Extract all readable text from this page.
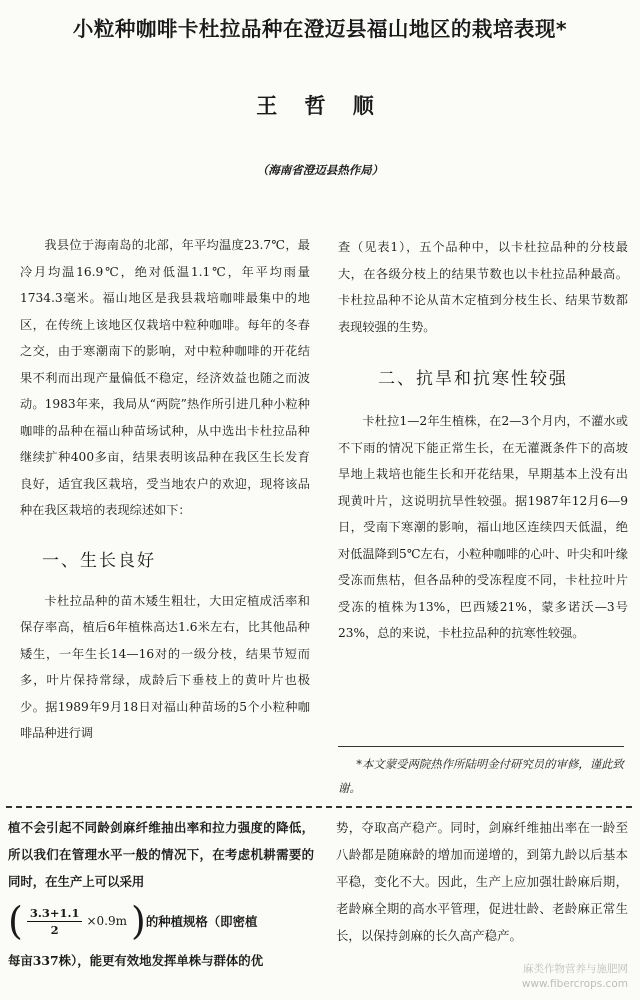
小粒种咖啡卡杜拉品种在澄迈县福山地区的栽培表现*
王 哲 顺
（海南省澄迈县热作局）

我县位于海南岛的北部，年平均温度23.7℃，最冷月均温16.9℃，绝对低温1.1℃，年平均雨量1734.3毫米。福山地区是我县栽培咖啡最集中的地区，在传统上该地区仅栽培中粒种咖啡。每年的冬春之交，由于寒潮南下的影响，对中粒种咖啡的开花结果不利而出现产量偏低不稳定，经济效益也随之而波动。1983年来，我局从“两院”热作所引进几种小粒种咖啡的品种在福山种苗场试种，从中选出卡杜拉品种继续扩种400多亩，结果表明该品种在我区生长发育良好，适宜我区栽培，受当地农户的欢迎，现将该品种在我区栽培的表现综述如下：

一、生长良好

卡杜拉品种的苗木矮生粗壮，大田定植成活率和保存率高，植后6年植株高达1.6米左右，比其他品种矮生，一年生长14—16对的一级分枝，结果节短而多，叶片保持常绿，成龄后下垂枝上的黄叶片也极少。据1989年9月18日对福山种苗场的5个小粒种咖啡品种进行调

查（见表1），五个品种中，以卡杜拉品种的分枝最大，在各级分枝上的结果节数也以卡杜拉品种最高。卡杜拉品种不论从苗木定植到分枝生长、结果节数都表现较强的生势。

二、抗旱和抗寒性较强

卡杜拉1—2年生植株，在2—3个月内，不灌水或不下雨的情况下能正常生长，在无灌溉条件下的高坡旱地上栽培也能生长和开花结果，早期基本上没有出现黄叶片，这说明抗旱性较强。据1987年12月6—9日，受南下寒潮的影响，福山地区连续四天低温，绝对低温降到5℃左右，小粒种咖啡的心叶、叶尖和叶缘受冻而焦枯，但各品种的受冻程度不同，卡杜拉叶片受冻的植株为13%，巴西矮21%，蒙多诺沃—3号23%，总的来说，卡杜拉品种的抗寒性较强。

*本文蒙受两院热作所陆明金付研究员的审修，谨此致谢。

植不会引起不同龄剑麻纤维抽出率和拉力强度的降低，所以我们在管理水平一般的情况下，在考虑机耕需要的同时，在生产上可以采用

( $\frac{3.3+1.1}{2} \times 0.9m$ ) 的种植规格（即密植

每亩337株），能更有效地发挥单株与群体的优

势，夺取高产稳产。同时，剑麻纤维抽出率在一龄至八龄都是随麻龄的增加而递增的，到第九龄以后基本平稳，变化不大。因此，生产上应加强壮龄麻后期，老龄麻全期的高水平管理，促进壮龄、老龄麻正常生长，以保持剑麻的长久高产稳产。

麻类作物营养与施肥网
www.fibercrops.com
